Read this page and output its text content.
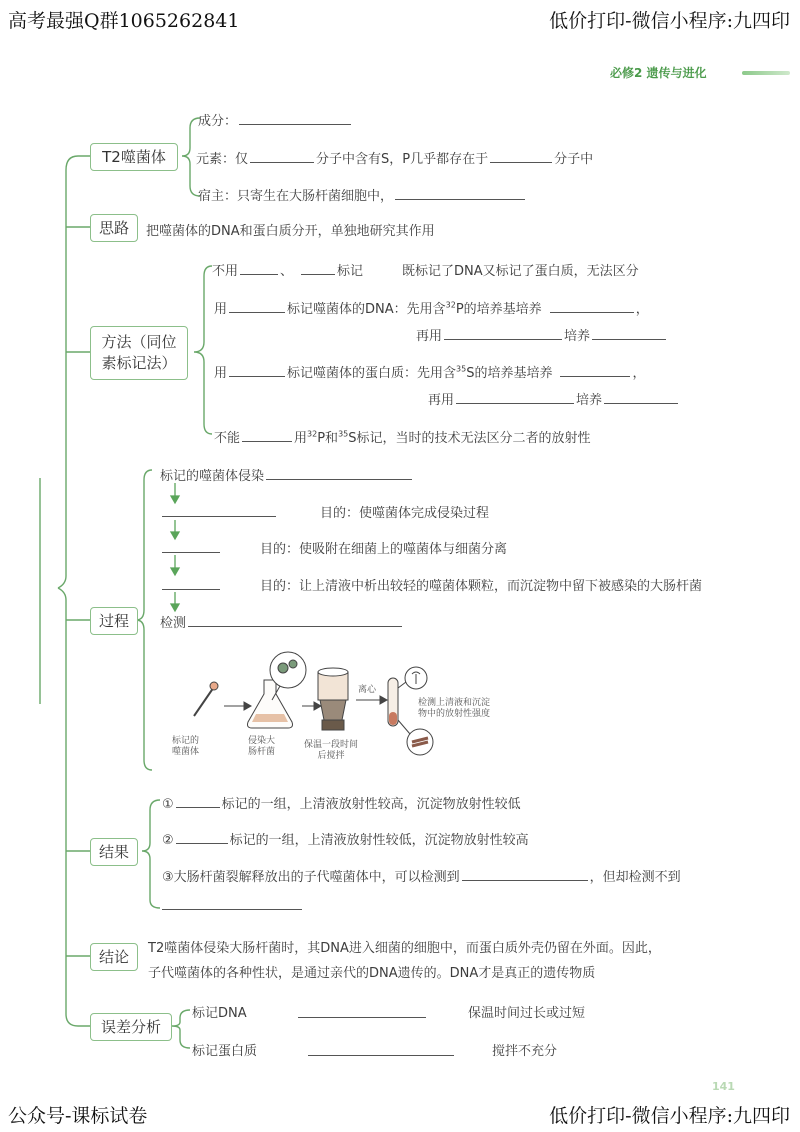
高考最强Q群1065262841	低价打印-微信小程序:九四印
公众号-课标试卷	低价打印-微信小程序:九四印
必修2 遗传与进化
141
T2噬菌体
成分：
元素：仅	分子中含有S，P几乎都存在于	分子中
宿主：只寄生在大肠杆菌细胞中，
思路 把噬菌体的DNA和蛋白质分开，单独地研究其作用
方法（同位
素标记法）
不用	、	标记	既标记了DNA又标记了蛋白质，无法区分
用	标记噬菌体的DNA：先用含$^{32}$P的培养基培养	，
再用	培养
用	标记噬菌体的蛋白质：先用含$^{35}$S的培养基培养	，
再用	培养
不能	用$^{32}$P和$^{35}$S标记，当时的技术无法区分二者的放射性
过程
标记的噬菌体侵染
目的：使噬菌体完成侵染过程
目的：使吸附在细菌上的噬菌体与细菌分离
目的：让上清液中析出较轻的噬菌体颗粒，而沉淀物中留下被感染的大肠杆菌
检测
标记的
噬菌体
侵染大
肠杆菌
保温一段时间
后搅拌
离心
检测上清液和沉淀
物中的放射性强度
结果
①	标记的一组，上清液放射性较高，沉淀物放射性较低
②	标记的一组，上清液放射性较低，沉淀物放射性较高
③大肠杆菌裂解释放出的子代噬菌体中，可以检测到	，但却检测不到
结论 T2噬菌体侵染大肠杆菌时，其DNA进入细菌的细胞中，而蛋白质外壳仍留在外面。因此，
子代噬菌体的各种性状，是通过亲代的DNA遗传的。DNA才是真正的遗传物质
误差分析
标记DNA	保温时间过长或过短
标记蛋白质	搅拌不充分
